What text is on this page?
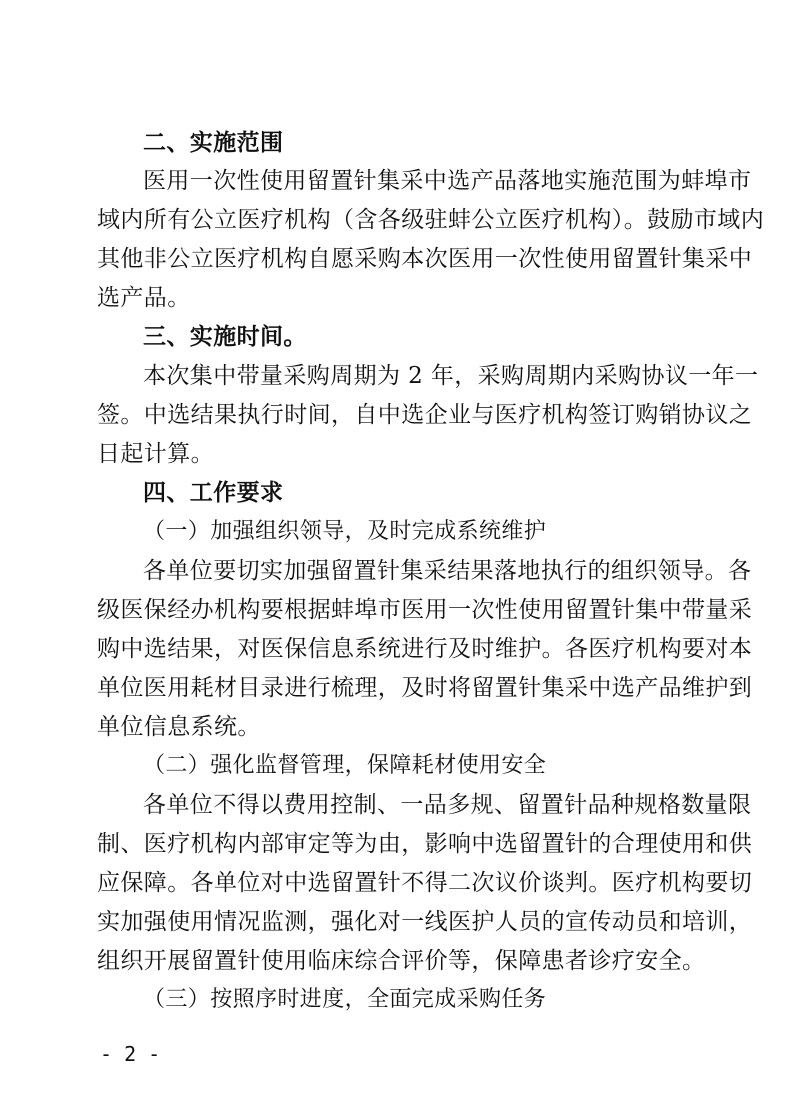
二、实施范围
医用一次性使用留置针集采中选产品落地实施范围为蚌埠市
域内所有公立医疗机构（含各级驻蚌公立医疗机构）。鼓励市域内
其他非公立医疗机构自愿采购本次医用一次性使用留置针集采中
选产品。
三、实施时间。
本次集中带量采购周期为 2 年，采购周期内采购协议一年一
签。中选结果执行时间，自中选企业与医疗机构签订购销协议之
日起计算。
四、工作要求
（一）加强组织领导，及时完成系统维护
各单位要切实加强留置针集采结果落地执行的组织领导。各
级医保经办机构要根据蚌埠市医用一次性使用留置针集中带量采
购中选结果，对医保信息系统进行及时维护。各医疗机构要对本
单位医用耗材目录进行梳理，及时将留置针集采中选产品维护到
单位信息系统。
（二）强化监督管理，保障耗材使用安全
各单位不得以费用控制、一品多规、留置针品种规格数量限
制、医疗机构内部审定等为由，影响中选留置针的合理使用和供
应保障。各单位对中选留置针不得二次议价谈判。医疗机构要切
实加强使用情况监测，强化对一线医护人员的宣传动员和培训，
组织开展留置针使用临床综合评价等，保障患者诊疗安全。
（三）按照序时进度，全面完成采购任务
- 2 -
